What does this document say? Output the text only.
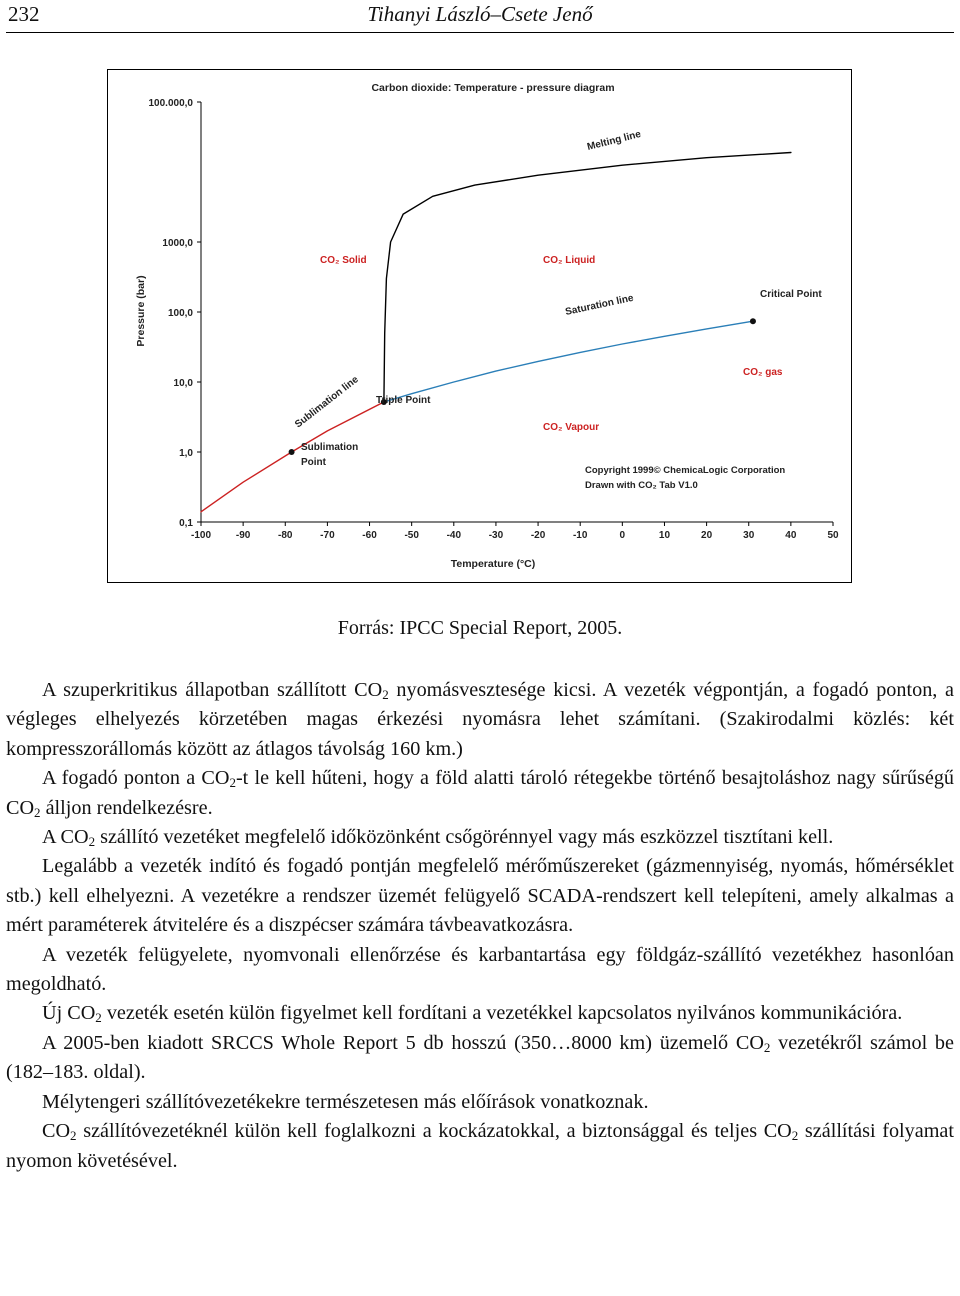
232	Tihanyi László–Csete Jenő
-100 -90	-80	-70	-60	-50	-40	-30	-20	-10	0	10	20	30	40	50
0,1
1,0
10,0
100,0
1000,0
100.000,0
Carbon dioxide: Temperature - pressure diagram
Temperature (°C)
Pressure (bar)
CO₂ Solid	CO₂ Liquid
CO₂ gas
CO₂ Vapour
Melting line
Saturation line
Sublimation line
Critical Point
Triple Point
Sublimation
Point
Copyright 1999© ChemicaLogic Corporation
Drawn with CO₂ Tab V1.0
Forrás: IPCC Special Report, 2005.

A szuperkritikus állapotban szállított $CO_2$ nyomásvesztesége kicsi. A vezeték végpontján, a fogadó ponton, a végleges elhelyezés körzetében magas érkezési nyomásra lehet számítani. (Szakirodalmi közlés: két kompresszorállomás között az átlagos távolság 160 km.)

A fogadó ponton a $CO_2-t$ le kell hűteni, hogy a föld alatti tároló rétegekbe történő besajtoláshoz nagy sűrűségű $CO_2$ álljon rendelkezésre.

A $CO_2$ szállító vezetéket megfelelő időközönként csőgörénnyel vagy más eszközzel tisztítani kell.

Legalább a vezeték indító és fogadó pontján megfelelő mérőműszereket (gázmennyiség, nyomás, hőmérséklet stb.) kell elhelyezni. A vezetékre a rendszer üzemét felügyelő SCADA-rendszert kell telepíteni, amely alkalmas a mért paraméterek átvitelére és a diszpécser számára távbeavatkozásra.

A vezeték felügyelete, nyomvonali ellenőrzése és karbantartása egy földgáz-szállító vezetékhez hasonlóan megoldható.

Új $CO_2$ vezeték esetén külön figyelmet kell fordítani a vezetékkel kapcsolatos nyilvános kommunikációra.

A 2005-ben kiadott SRCCS Whole Report 5 db hosszú (350…8000 km) üzemelő $CO_2$ vezetékről számol be (182–183. oldal).

Mélytengeri szállítóvezetékekre természetesen más előírások vonatkoznak.

$CO_2$ szállítóvezetéknél külön kell foglalkozni a kockázatokkal, a biztonsággal és teljes $CO_2$ szállítási folyamat nyomon követésével.
